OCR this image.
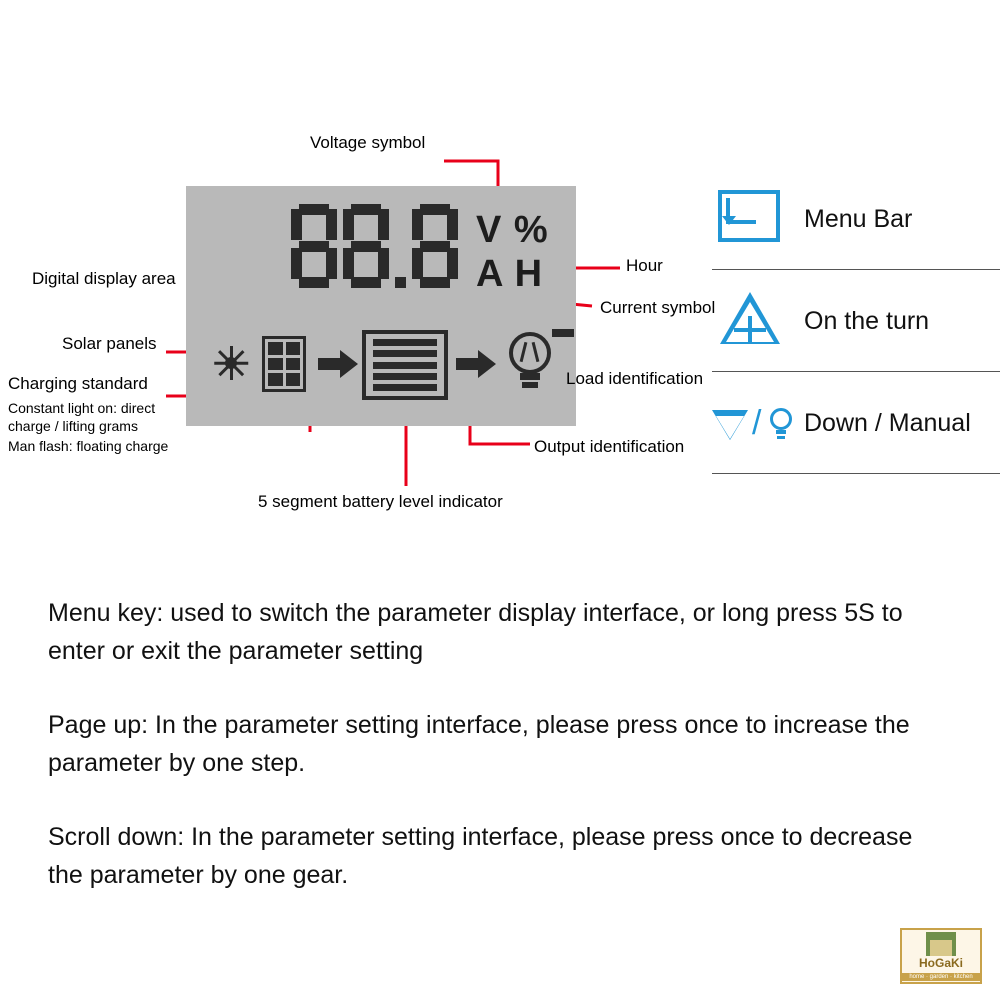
V %
A H
Voltage symbol
Digital display area
Solar panels
Charging standard
Constant light on: direct
charge / lifting grams
Man flash: floating charge
5 segment battery level indicator
Hour
Current symbol
Load identification
Output identification
Menu Bar
On the turn
/ Down / Manual

Menu key: used to switch the parameter display interface, or long press 5S to enter or exit the parameter setting

Page up: In the parameter setting interface, please press once to increase the parameter by one step.

Scroll down: In the parameter setting interface, please press once to decrease the parameter by one gear.

HoGaKi
home · garden · kitchen
